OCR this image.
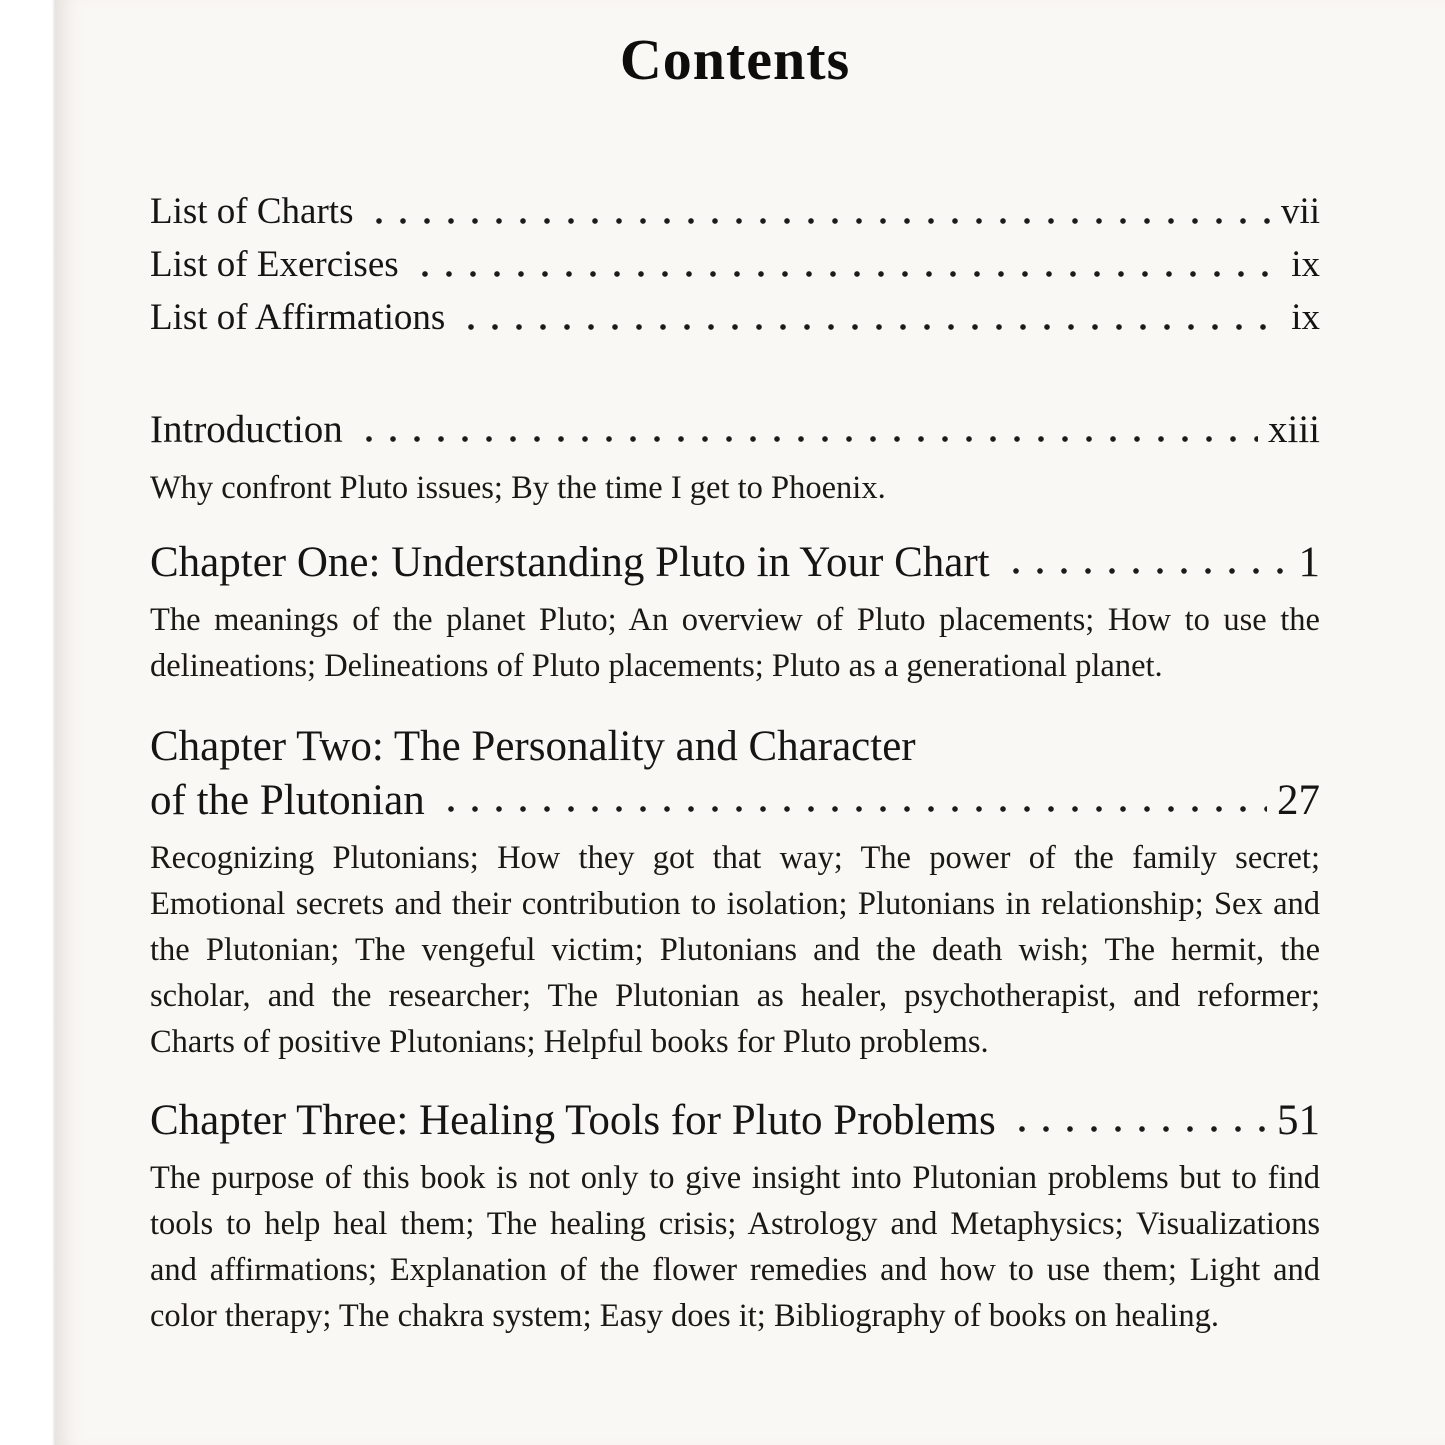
Contents
List of Charts	vii
List of Exercises	ix
List of Affirmations	ix
Introduction	xiii

Why confront Pluto issues; By the time I get to Phoenix.

Chapter One: Understanding Pluto in Your Chart	1

The meanings of the planet Pluto; An overview of Pluto placements; How to use the delineations; Delineations of Pluto placements; Pluto as a generational planet.

Chapter Two: The Personality and Character
of the Plutonian	27

Recognizing Plutonians; How they got that way; The power of the family secret; Emotional secrets and their contribution to isolation; Plutonians in relationship; Sex and the Plutonian; The vengeful victim; Plutonians and the death wish; The hermit, the scholar, and the researcher; The Plutonian as healer, psychotherapist, and reformer; Charts of positive Plutonians; Helpful books for Pluto problems.

Chapter Three: Healing Tools for Pluto Problems	51

The purpose of this book is not only to give insight into Plutonian problems but to find tools to help heal them; The healing crisis; Astrology and Metaphysics; Visualizations and affirmations; Explanation of the flower remedies and how to use them; Light and color therapy; The chakra system; Easy does it; Bibliography of books on healing.
